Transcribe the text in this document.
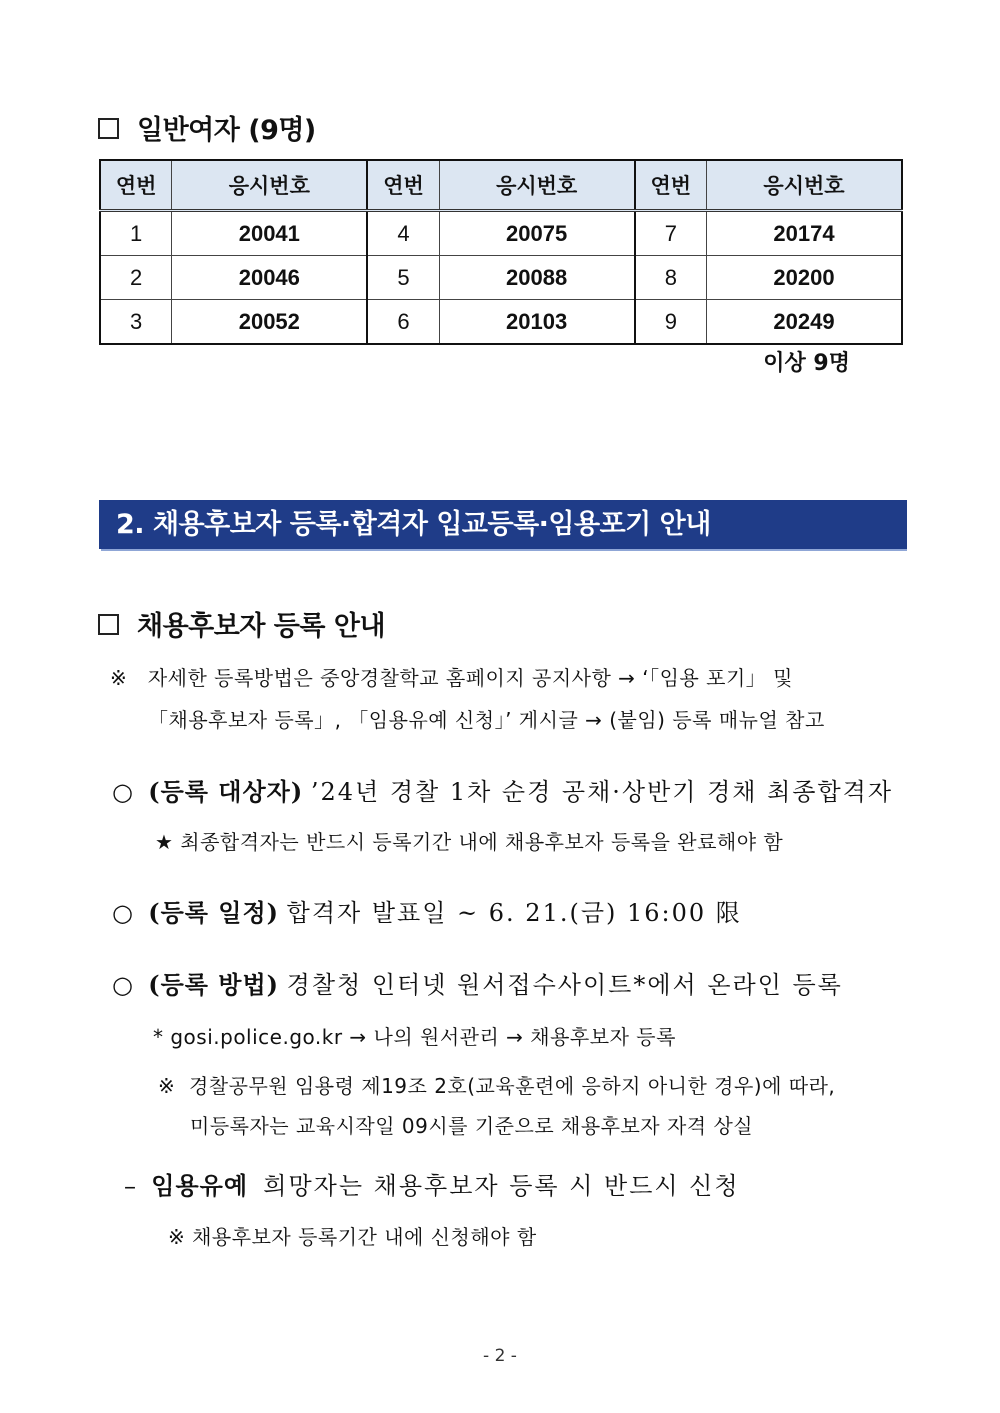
일반여자 (9명)
연번	응시번호	연번	응시번호	연번	응시번호
1	20041	4	20075	7	20174
2	20046	5	20088	8	20200
3	20052	6	20103	9	20249
이상 9명
2. 채용후보자 등록·합격자 입교등록·임용포기 안내
채용후보자 등록 안내
※ 자세한 등록방법은 중앙경찰학교 홈페이지 공지사항 → ‘「임용 포기」 및
「채용후보자 등록」, 「임용유예 신청」’ 게시글 → (붙임) 등록 매뉴얼 참고
○ (등록 대상자) ’24년 경찰 1차 순경 공채·상반기 경채 최종합격자
★ 최종합격자는 반드시 등록기간 내에 채용후보자 등록을 완료해야 함
○ (등록 일정) 합격자 발표일 ~ 6. 21.(금) 16:00 限
○ (등록 방법) 경찰청 인터넷 원서접수사이트*에서 온라인 등록
* gosi.police.go.kr → 나의 원서관리 → 채용후보자 등록
※ 경찰공무원 임용령 제19조 2호(교육훈련에 응하지 아니한 경우)에 따라,
미등록자는 교육시작일 09시를 기준으로 채용후보자 자격 상실
– 임용유예 희망자는 채용후보자 등록 시 반드시 신청
※ 채용후보자 등록기간 내에 신청해야 함
- 2 -
